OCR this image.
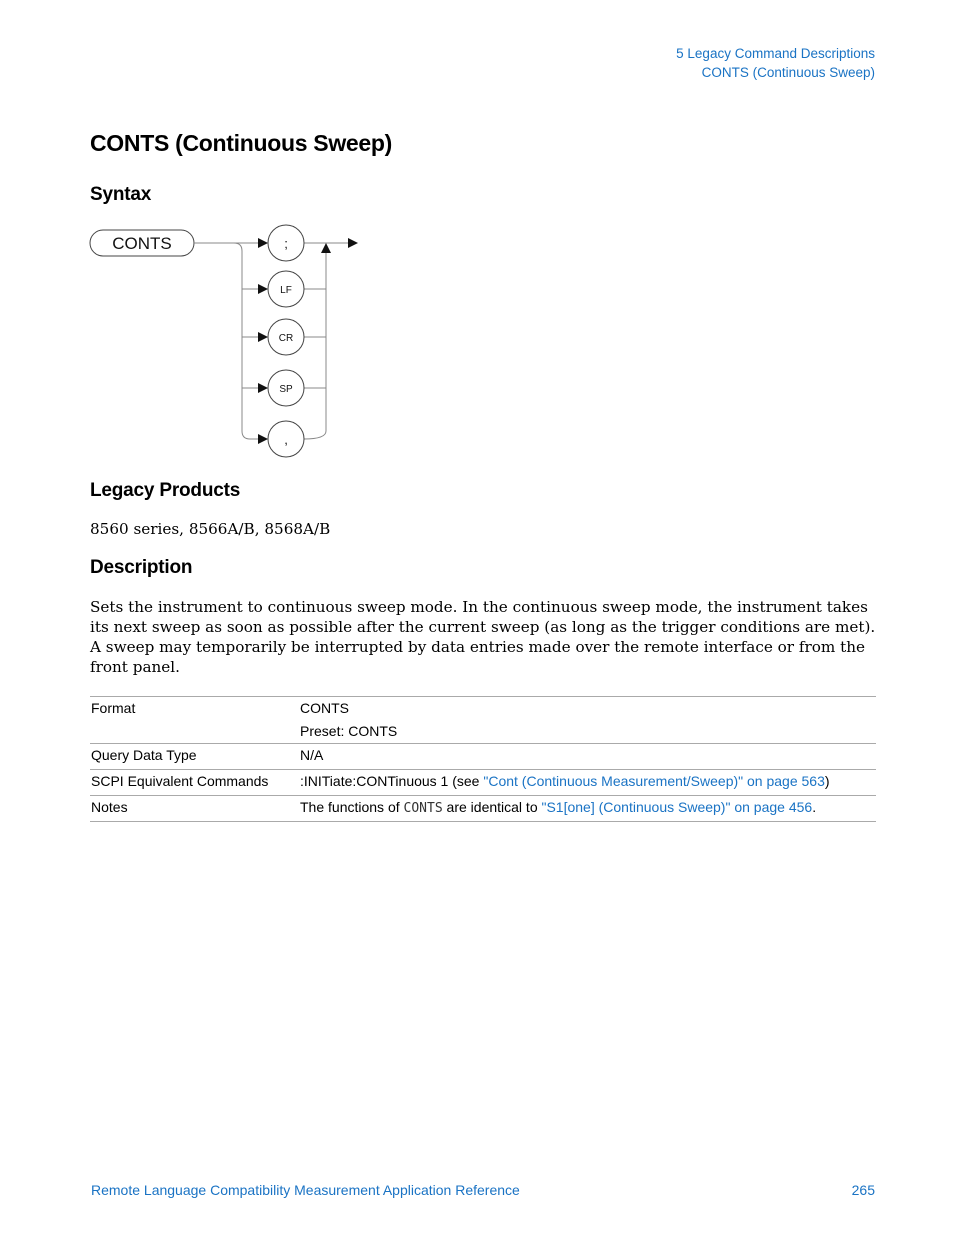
5 Legacy Command Descriptions
CONTS (Continuous Sweep)
CONTS (Continuous Sweep)
Syntax
CONTS	;
LF
CR
SP
,
Legacy Products
8560 series, 8566A/B, 8568A/B
Description
Sets the instrument to continuous sweep mode. In the continuous sweep mode, the instrument takes its next sweep as soon as possible after the current sweep (as long as the trigger conditions are met). A sweep may temporarily be interrupted by data entries made over the remote interface or from the front panel.
Format	CONTS
Preset: CONTS

Query Data Type	N/A
SCPI Equivalent Commands	:INITiate:CONTinuous 1 (see "Cont (Continuous Measurement/Sweep)" on page 563)
Notes	The functions of CONTS are identical to "S1[one] (Continuous Sweep)" on page 456.
Remote Language Compatibility Measurement Application Reference	265
